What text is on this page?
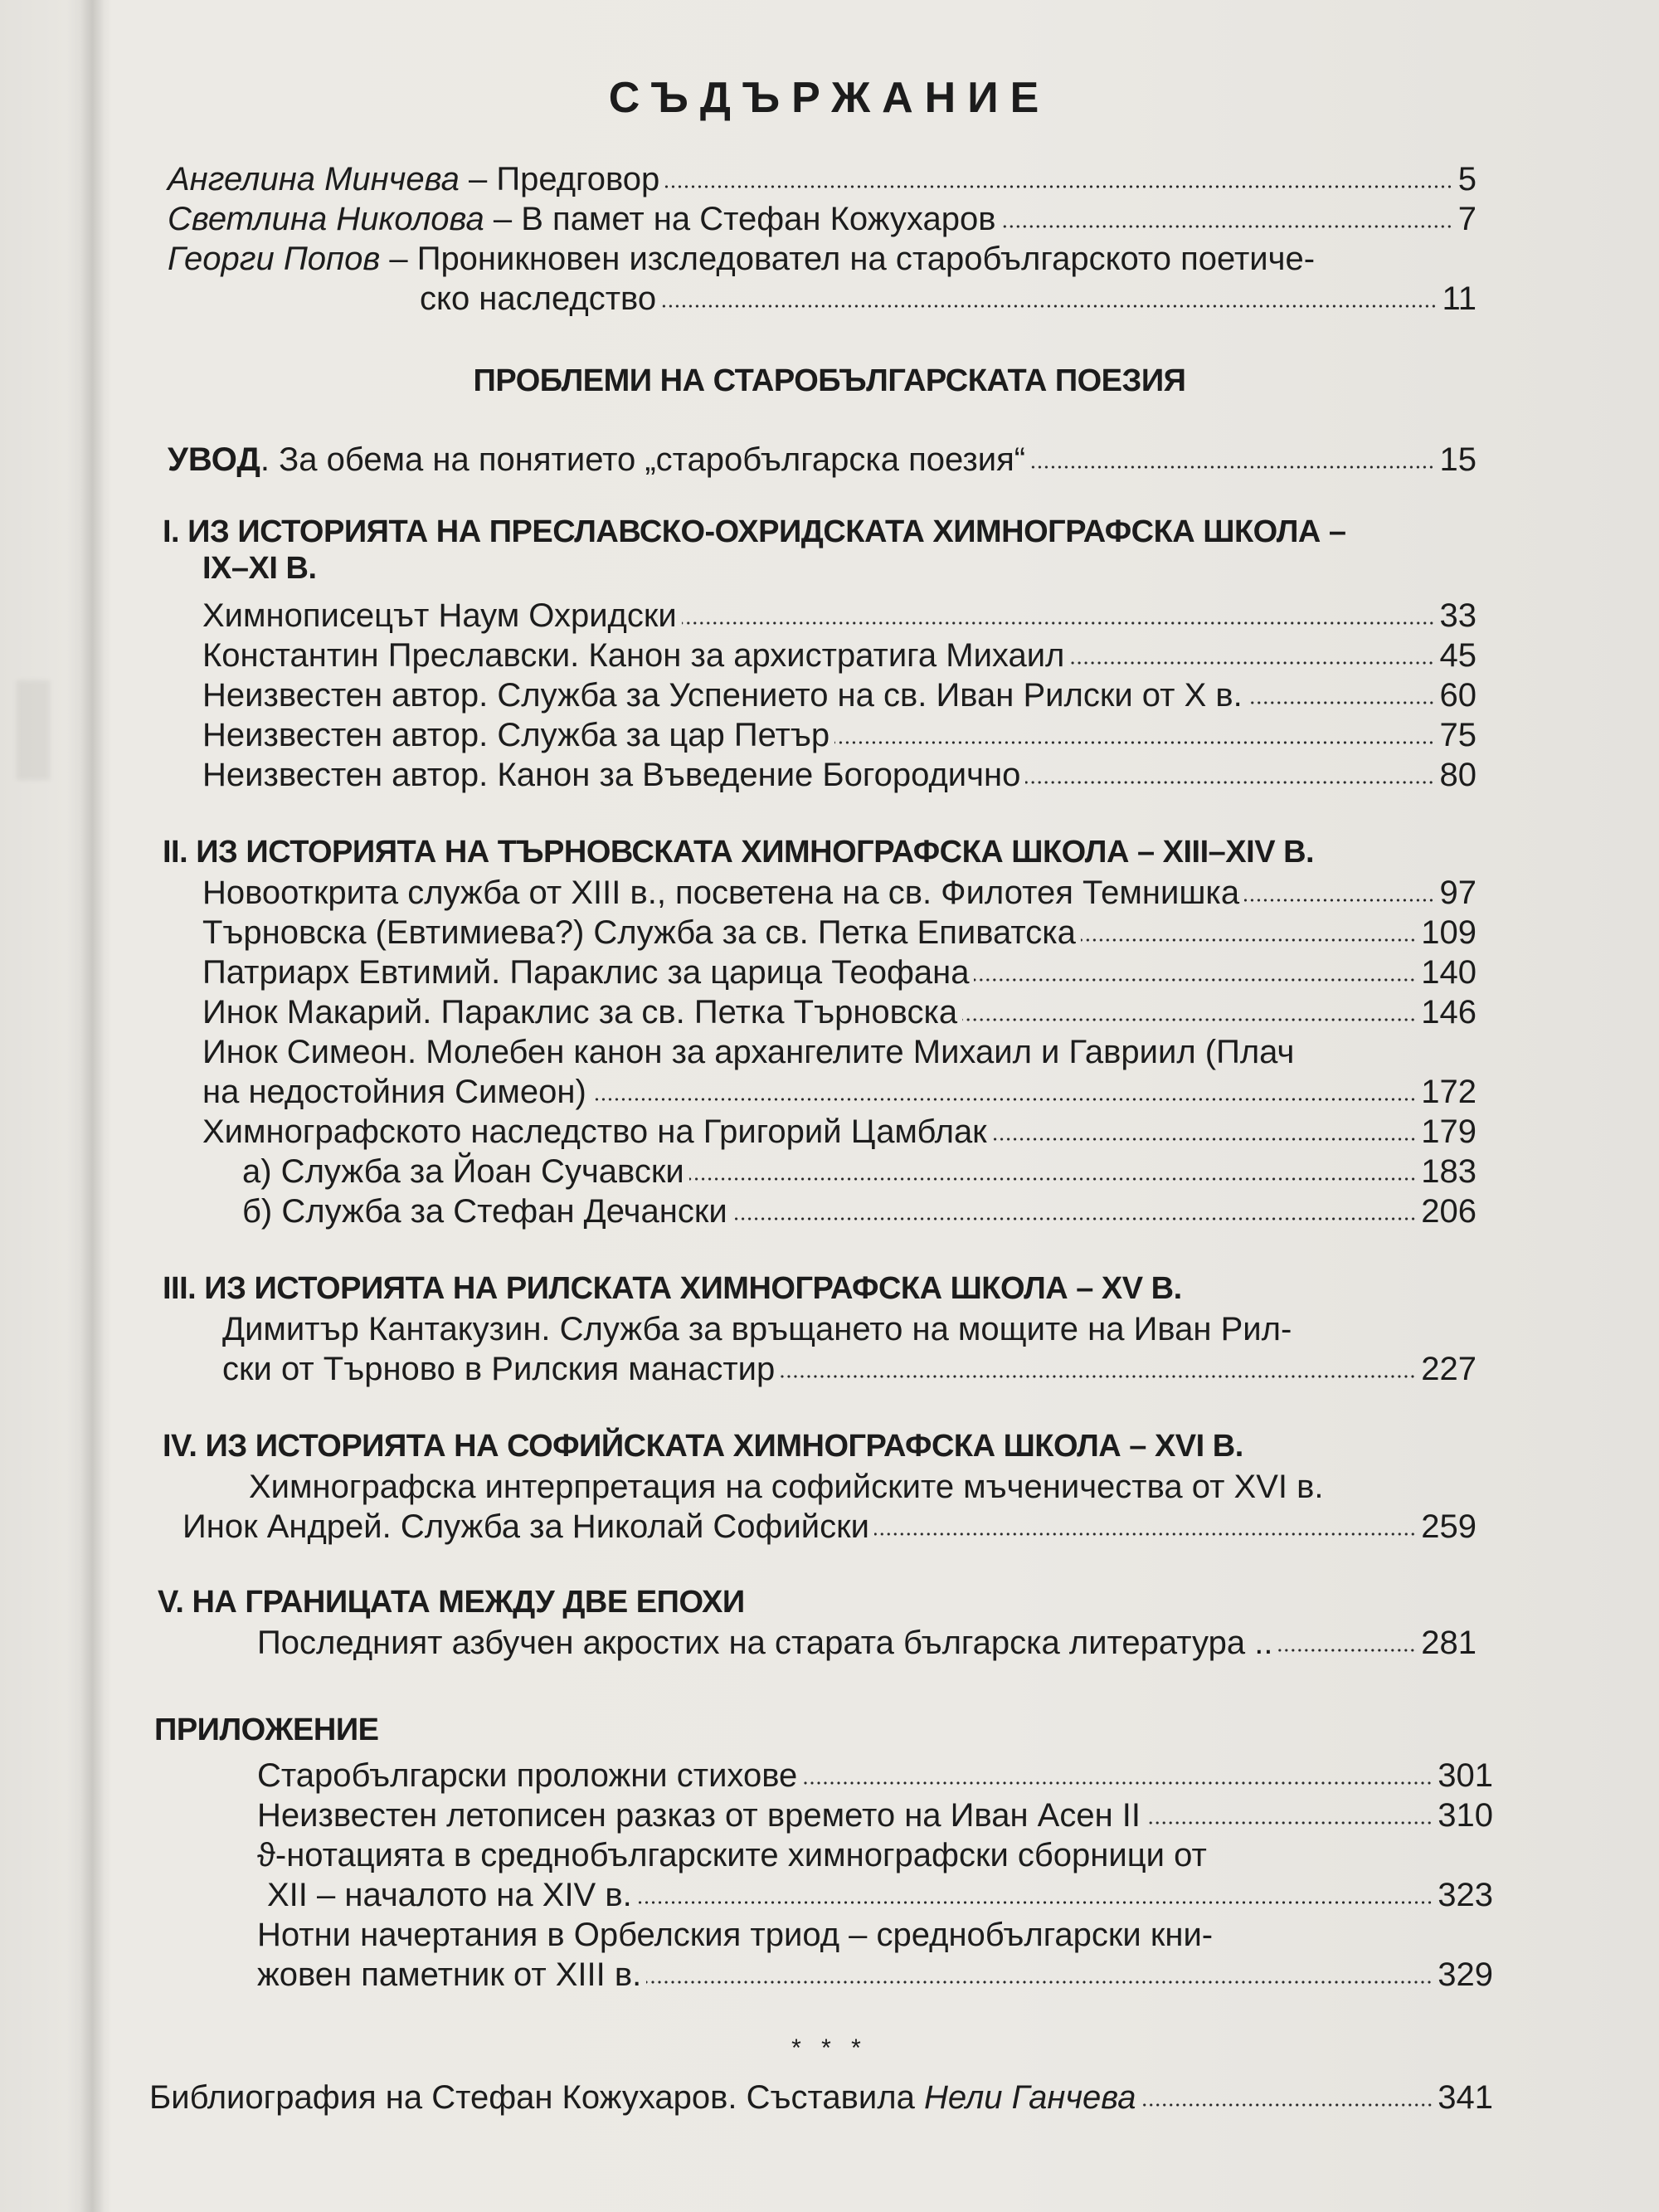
СЪДЪРЖАНИЕ
Ангелина Минчева – Предговор	5
Светлина Николова – В памет на Стефан Кожухаров	7
Георги Попов – Проникновен изследовател на старобългарското поетиче-
ско наследство	11
ПРОБЛЕМИ НА СТАРОБЪЛГАРСКАТА ПОЕЗИЯ
УВОД. За обема на понятието „старобългарска поезия“	15
I. ИЗ ИСТОРИЯТА НА ПРЕСЛАВСКО-ОХРИДСКАТА ХИМНОГРАФСКА ШКОЛА –
IX–XI В.
Химнописецът Наум Охридски	33
Константин Преславски. Канон за архистратига Михаил	45
Неизвестен автор. Служба за Успението на св. Иван Рилски от X в.	60
Неизвестен автор. Служба за цар Петър	75
Неизвестен автор. Канон за Въведение Богородично	80
II. ИЗ ИСТОРИЯТА НА ТЪРНОВСКАТА ХИМНОГРАФСКА ШКОЛА – XIII–XIV В.
Новооткрита служба от XIII в., посветена на св. Филотея Темнишка	97
Търновска (Евтимиева?) Служба за св. Петка Епиватска	109
Патриарх Евтимий. Параклис за царица Теофана	140
Инок Макарий. Параклис за св. Петка Търновска	146
Инок Симеон. Молебен канон за архангелите Михаил и Гавриил (Плач
на недостойния Симеон)	172
Химнографското наследство на Григорий Цамблак	179
а) Служба за Йоан Сучавски	183
б) Служба за Стефан Дечански	206
III. ИЗ ИСТОРИЯТА НА РИЛСКАТА ХИМНОГРАФСКА ШКОЛА – XV В.
Димитър Кантакузин. Служба за връщането на мощите на Иван Рил-
ски от Търново в Рилския манастир	227
IV. ИЗ ИСТОРИЯТА НА СОФИЙСКАТА ХИМНОГРАФСКА ШКОЛА – XVI В.
Химнографска интерпретация на софийските мъченичества от XVI в.
Инок Андрей. Служба за Николай Софийски	259
V. НА ГРАНИЦАТА МЕЖДУ ДВЕ ЕПОХИ
Последният азбучен акростих на старата българска литература ..	281
ПРИЛОЖЕНИЕ
Старобългарски проложни стихове	301
Неизвестен летописен разказ от времето на Иван Асен II	310
ϑ-нотацията в среднобългарските химнографски сборници от
XII – началото на XIV в.	323
Нотни начертания в Орбелския триод – среднобългарски кни-
жовен паметник от XIII в.	329
* * *
Библиография на Стефан Кожухаров. Съставила Нели Ганчева	341
